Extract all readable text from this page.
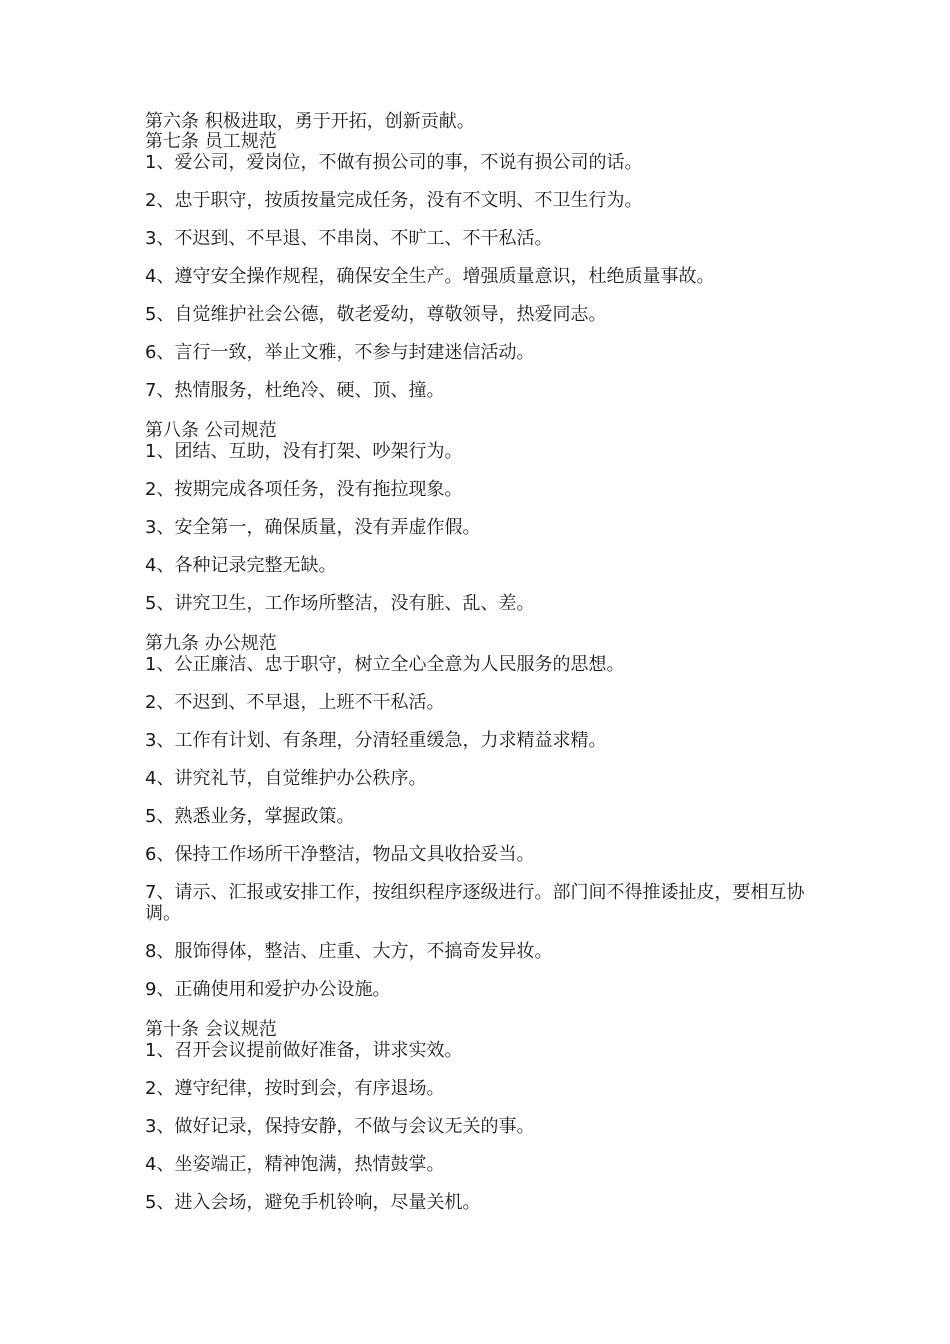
第六条 积极进取，勇于开拓，创新贡献。

第七条 员工规范

1、爱公司，爱岗位，不做有损公司的事，不说有损公司的话。

2、忠于职守，按质按量完成任务，没有不文明、不卫生行为。

3、不迟到、不早退、不串岗、不旷工、不干私活。

4、遵守安全操作规程，确保安全生产。增强质量意识，杜绝质量事故。

5、自觉维护社会公德，敬老爱幼，尊敬领导，热爱同志。

6、言行一致，举止文雅，不参与封建迷信活动。

7、热情服务，杜绝冷、硬、顶、撞。

第八条 公司规范

1、团结、互助，没有打架、吵架行为。

2、按期完成各项任务，没有拖拉现象。

3、安全第一，确保质量，没有弄虚作假。

4、各种记录完整无缺。

5、讲究卫生，工作场所整洁，没有脏、乱、差。

第九条 办公规范

1、公正廉洁、忠于职守，树立全心全意为人民服务的思想。

2、不迟到、不早退，上班不干私活。

3、工作有计划、有条理，分清轻重缓急，力求精益求精。

4、讲究礼节，自觉维护办公秩序。

5、熟悉业务，掌握政策。

6、保持工作场所干净整洁，物品文具收拾妥当。

7、请示、汇报或安排工作，按组织程序逐级进行。部门间不得推诿扯皮，要相互协调。

8、服饰得体，整洁、庄重、大方，不搞奇发异妆。

9、正确使用和爱护办公设施。

第十条 会议规范

1、召开会议提前做好准备，讲求实效。

2、遵守纪律，按时到会，有序退场。

3、做好记录，保持安静，不做与会议无关的事。

4、坐姿端正，精神饱满，热情鼓掌。

5、进入会场，避免手机铃响，尽量关机。
